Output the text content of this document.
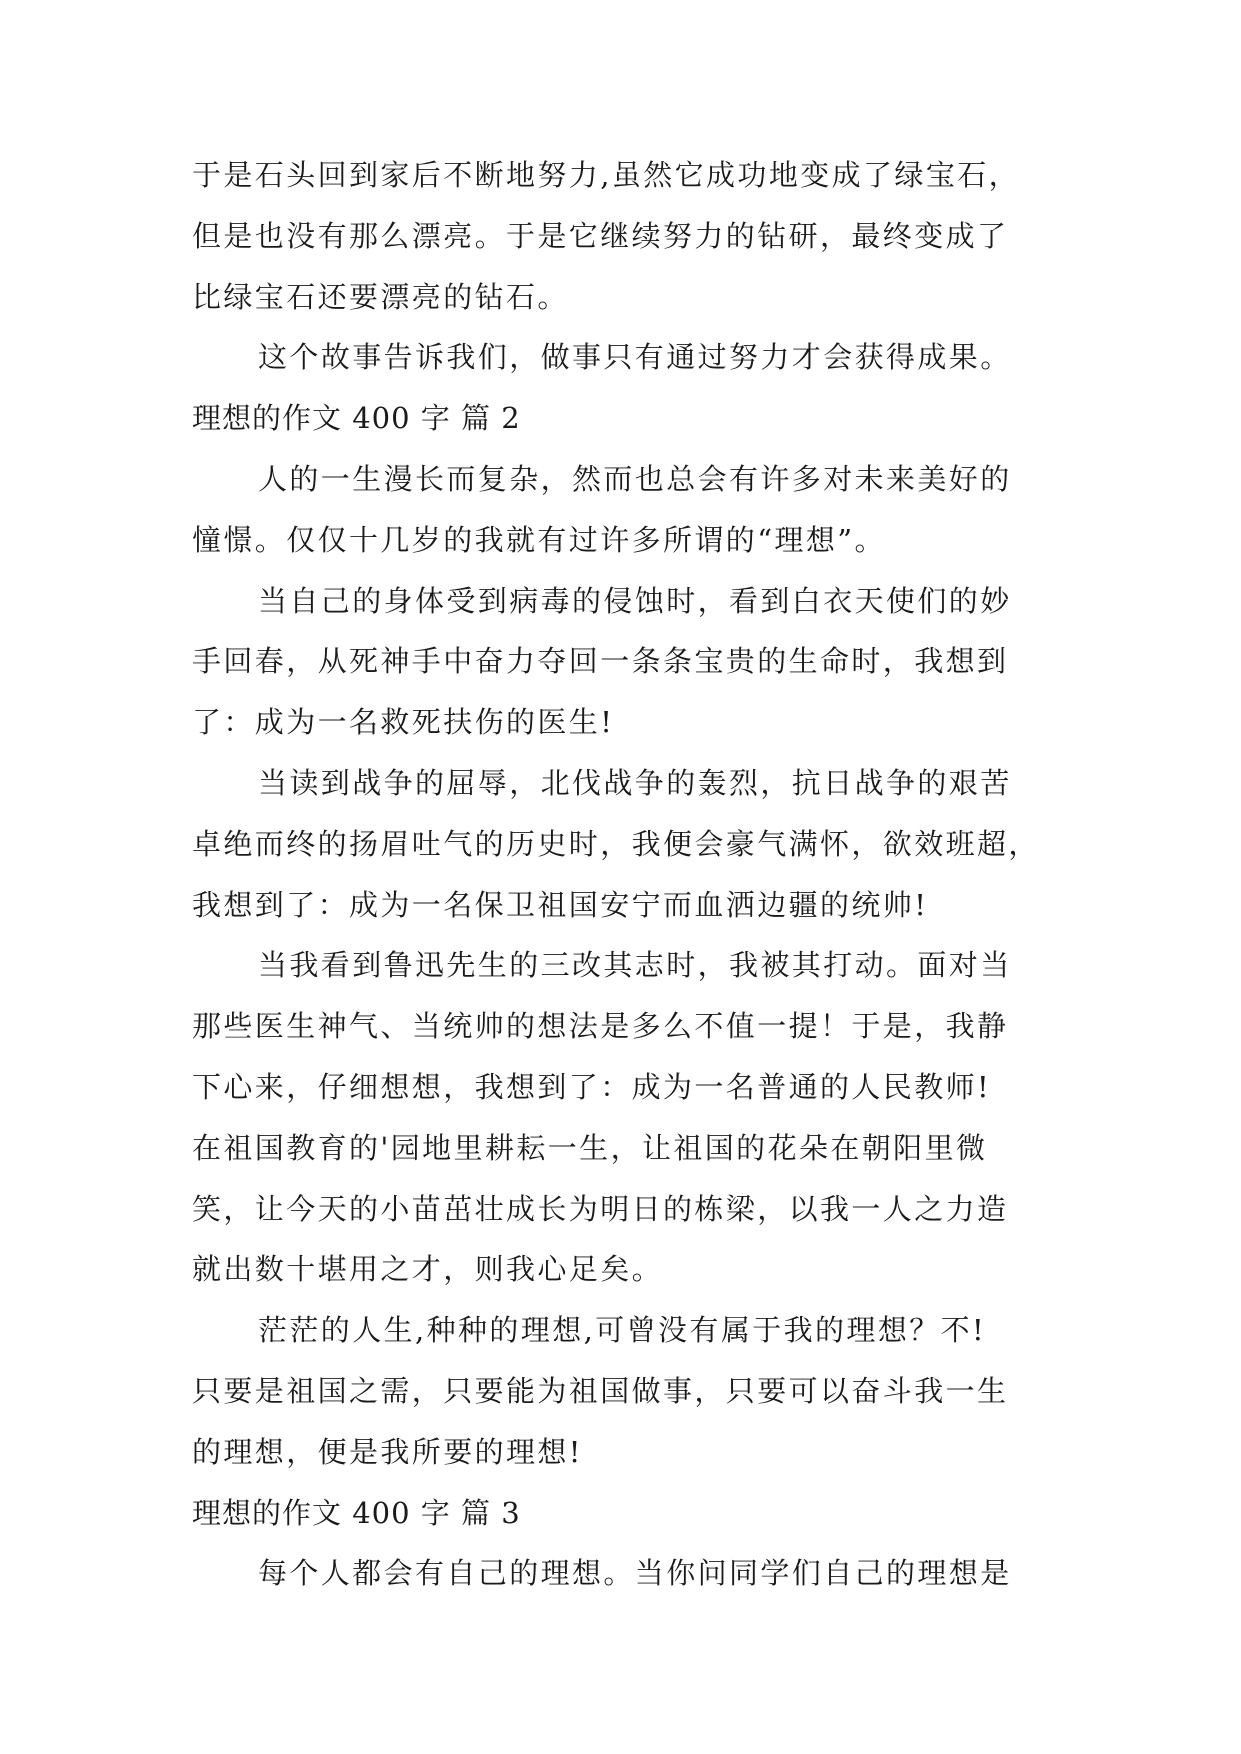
于是石头回到家后不断地努力,虽然它成功地变成了绿宝石，
但是也没有那么漂亮。于是它继续努力的钻研，最终变成了
比绿宝石还要漂亮的钻石。
这个故事告诉我们，做事只有通过努力才会获得成果。
理想的作文 400 字 篇 2
人的一生漫长而复杂，然而也总会有许多对未来美好的
憧憬。仅仅十几岁的我就有过许多所谓的“理想”。
当自己的身体受到病毒的侵蚀时，看到白衣天使们的妙
手回春，从死神手中奋力夺回一条条宝贵的生命时，我想到
了：成为一名救死扶伤的医生!
当读到战争的屈辱，北伐战争的轰烈，抗日战争的艰苦
卓绝而终的扬眉吐气的历史时，我便会豪气满怀，欲效班超，
我想到了：成为一名保卫祖国安宁而血洒边疆的统帅!
当我看到鲁迅先生的三改其志时，我被其打动。面对当
那些医生神气、当统帅的想法是多么不值一提！于是，我静
下心来，仔细想想，我想到了：成为一名普通的人民教师!
在祖国教育的'园地里耕耘一生，让祖国的花朵在朝阳里微
笑，让今天的小苗茁壮成长为明日的栋梁，以我一人之力造
就出数十堪用之才，则我心足矣。
茫茫的人生,种种的理想,可曾没有属于我的理想？不!
只要是祖国之需，只要能为祖国做事，只要可以奋斗我一生
的理想，便是我所要的理想!
理想的作文 400 字 篇 3
每个人都会有自己的理想。当你问同学们自己的理想是
